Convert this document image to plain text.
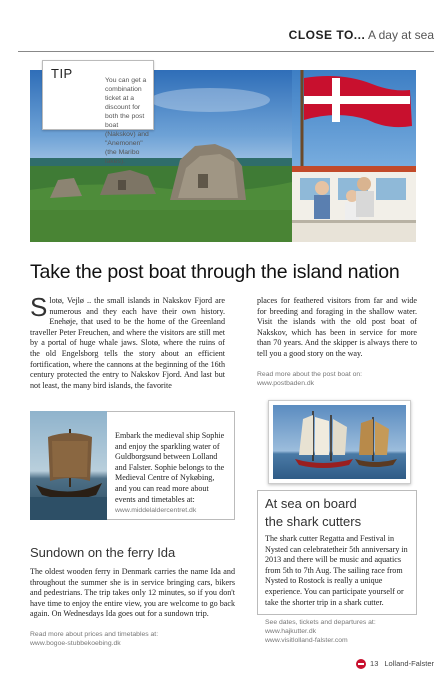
CLOSE TO... A day at sea
TIP	You can get a combination ticket at a discount for both the post boat (Nakskov) and "Anemonen" (the Maribo lakes).
Take the post boat through the island nation
Slotø, Vejlø .. the small islands in Nakskov Fjord are numerous and they each have their own history. Enehøje, that used to be the home of the Greenland traveller Peter Freuchen, and where the visitors are still met by a portal of huge whale jaws. Slotø, where the ruins of the old Engelsborg tells the story about an efficient fortification, where the cannons at the beginning of the 16th century protected the entry to Nakskov Fjord. And last but not least, the many bird islands, the favorite
places for feathered visitors from far and wide for breeding and foraging in the shallow water. Visit the islands with the old post boat of Nakskov, which has been in service for more than 70 years. And the skipper is always there to tell you a good story on the way.
Read more about the post boat on:
www.postbaden.dk
Embark the medieval ship Sophie and enjoy the sparkling water of Guldborgsund between Lolland and Falster. Sophie belongs to the Medieval Centre of Nykøbing, and you can read more about events and timetables at:
www.middelaldercentret.dk
Sundown on the ferry Ida
The oldest wooden ferry in Denmark carries the name Ida and throughout the summer she is in service bringing cars, bikers and pedestrians. The trip takes only 12 minutes, so if you don't have time to enjoy the entire view, you are welcome to go back again. On Wednesdays Ida goes out for a sundown trip.
Read more about prices and timetables at:
www.bogoe-stubbekoebing.dk
At sea on board
the shark cutters
The shark cutter Regatta and Festival in Nysted can celebratetheir 5th anniversary in 2013 and there will be music and aquatics from 5th to 7th Aug. The sailing race from Nysted to Rostock is really a unique experience. You can participate yourself or take the shorter trip in a shark cutter.
See dates, tickets and departures at:
www.hajkutter.dk
www.visitlolland-falster.com
13 Lolland-Falster
